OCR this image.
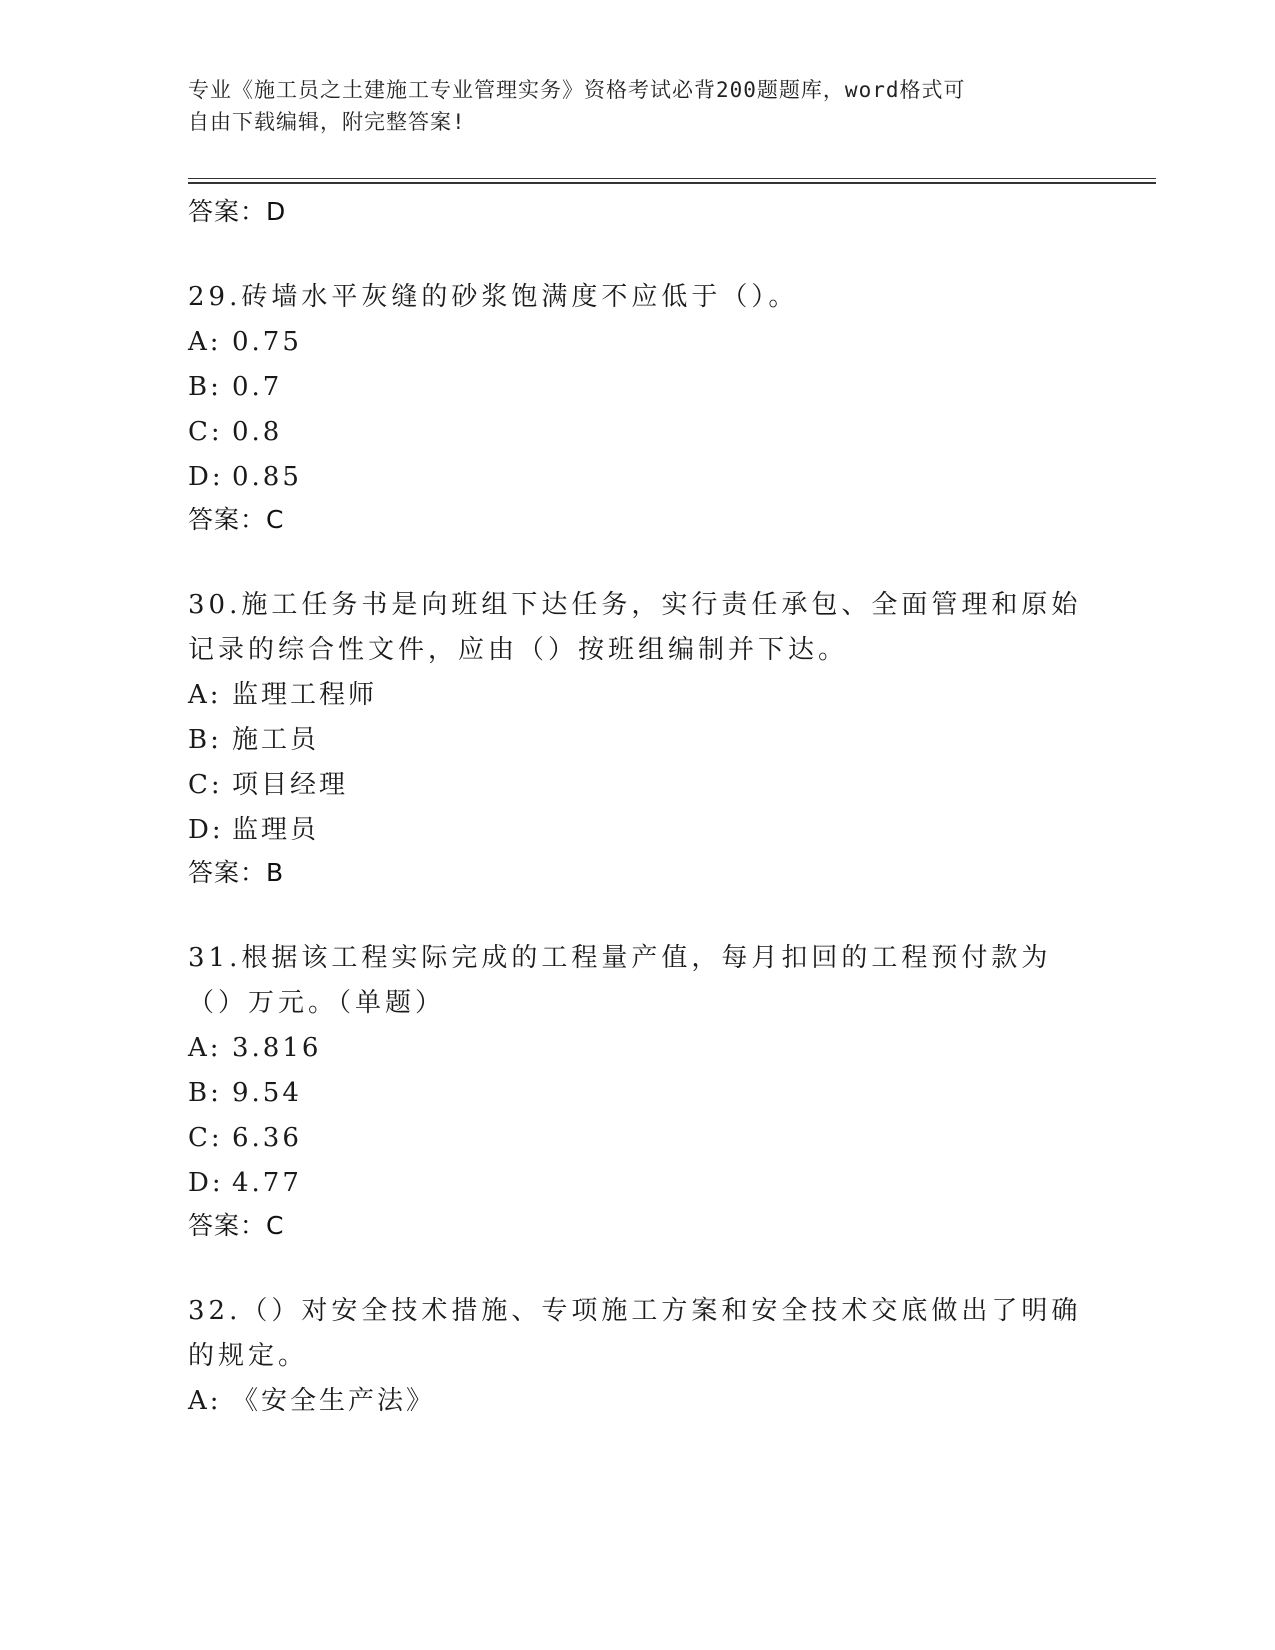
专业《施工员之土建施工专业管理实务》资格考试必背200题题库，word格式可
自由下载编辑，附完整答案!
答案：D
29.砖墙水平灰缝的砂浆饱满度不应低于（）。
A: 0.75
B: 0.7
C: 0.8
D: 0.85
答案：C
30.施工任务书是向班组下达任务，实行责任承包、全面管理和原始记录的综合性文件，应由（）按班组编制并下达。
A: 监理工程师
B: 施工员
C: 项目经理
D: 监理员
答案：B
31.根据该工程实际完成的工程量产值，每月扣回的工程预付款为（）万元。（单题）
A: 3.816
B: 9.54
C: 6.36
D: 4.77
答案：C
32.（）对安全技术措施、专项施工方案和安全技术交底做出了明确的规定。
A: 《安全生产法》
